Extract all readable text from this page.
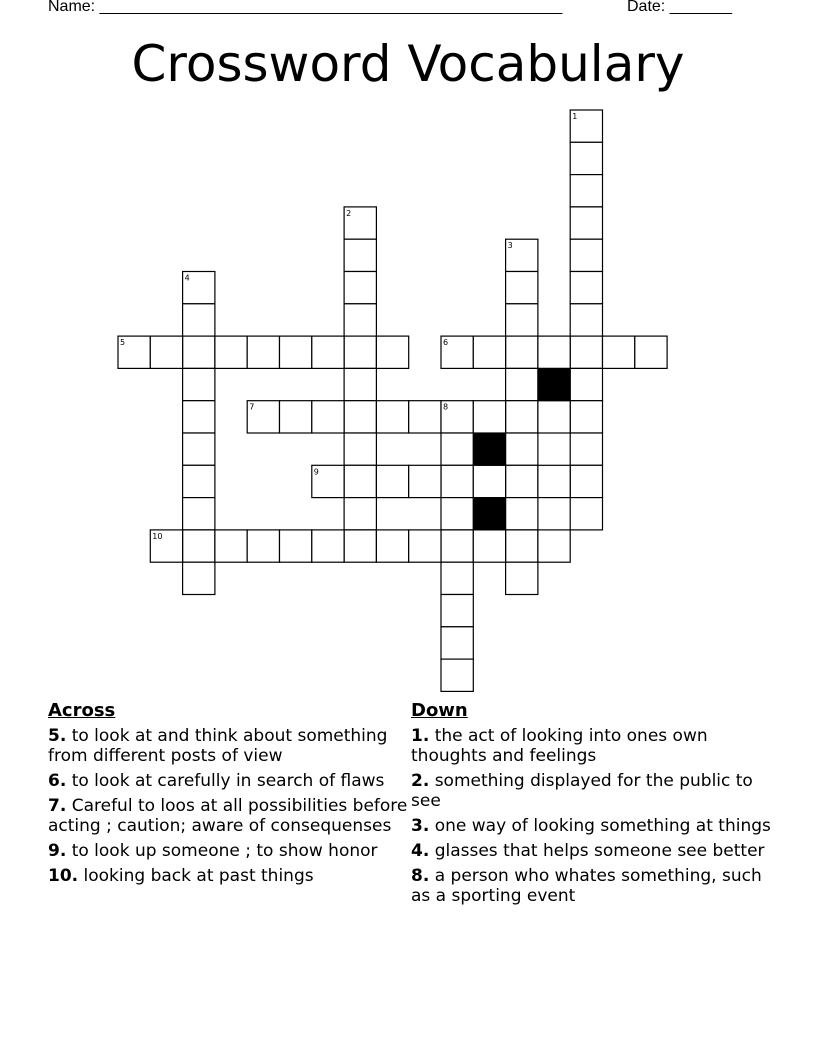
Name: ____________________________________________________	Date: _______
Crossword Vocabulary
1
2
3
4
5	6
7	8
9
10
Across
5. to look at and think about something from different posts of view
6. to look at carefully in search of flaws
7. Careful to loos at all possibilities before acting ; caution; aware of consequenses
9. to look up someone ; to show honor
10. looking back at past things
Down
1. the act of looking into ones own thoughts and feelings
2. something displayed for the public to see
3. one way of looking something at things
4. glasses that helps someone see better
8. a person who whates something, such as a sporting event
